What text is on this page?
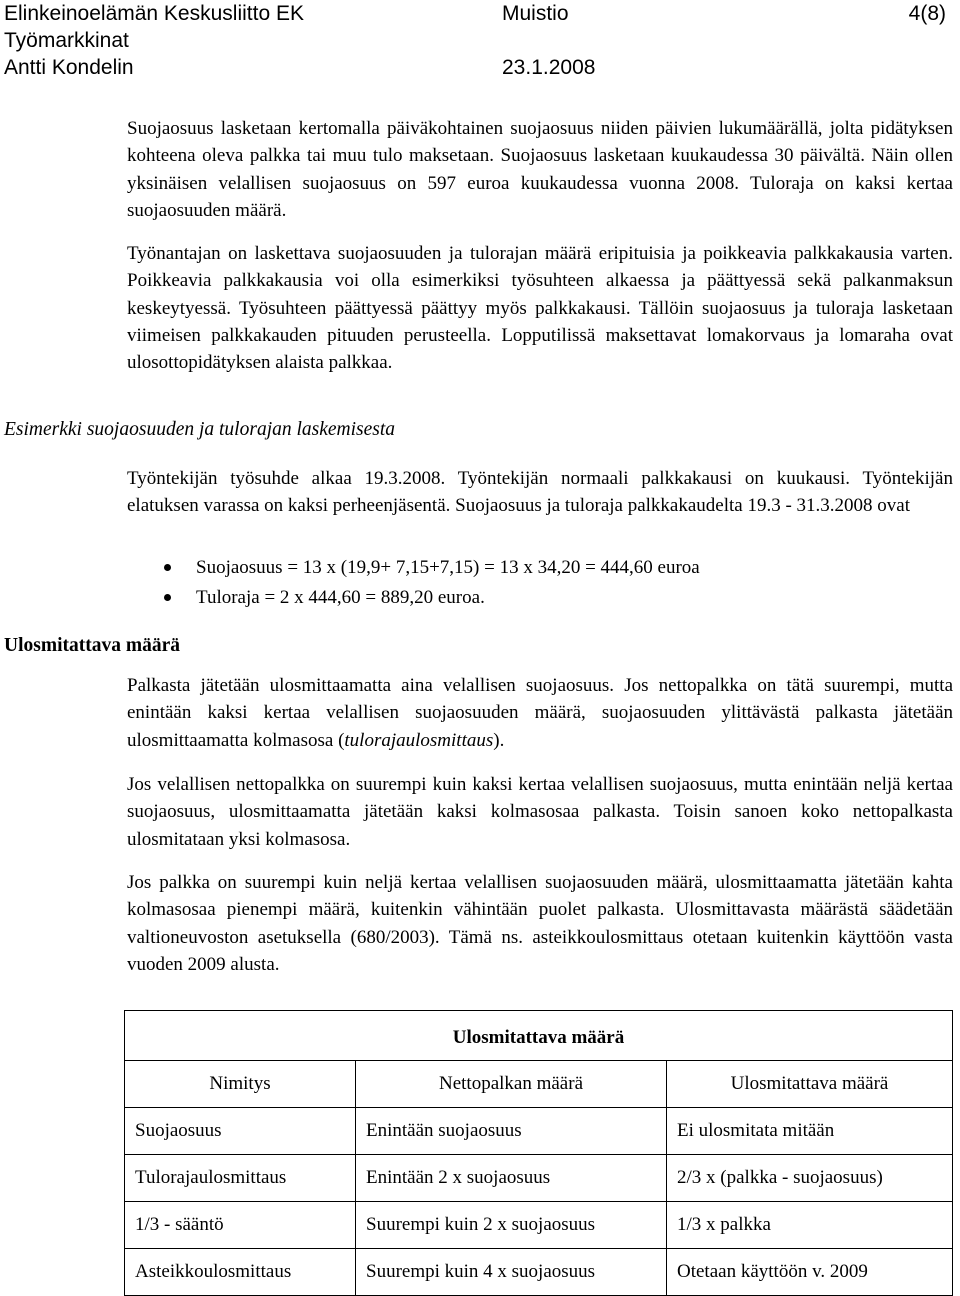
Elinkeinoelämän Keskusliitto EK	Muistio	4(8)
Työmarkkinat
Antti Kondelin	23.1.2008

Suojaosuus lasketaan kertomalla päiväkohtainen suojaosuus niiden päivien lukumäärällä, jolta pidätyksen kohteena oleva palkka tai muu tulo maksetaan. Suojaosuus lasketaan kuukaudessa 30 päivältä. Näin ollen yksinäisen velallisen suojaosuus on 597 euroa kuukaudessa vuonna 2008. Tuloraja on kaksi kertaa suojaosuuden määrä.

Työnantajan on laskettava suojaosuuden ja tulorajan määrä eripituisia ja poikkeavia palkkakausia varten. Poikkeavia palkkakausia voi olla esimerkiksi työsuhteen alkaessa ja päättyessä sekä palkanmaksun keskeytyessä. Työsuhteen päättyessä päättyy myös palkkakausi. Tällöin suojaosuus ja tuloraja lasketaan viimeisen palkkakauden pituuden perusteella. Lopputilissä maksettavat lomakorvaus ja lomaraha ovat ulosottopidätyksen alaista palkkaa.

Esimerkki suojaosuuden ja tulorajan laskemisesta

Työntekijän työsuhde alkaa 19.3.2008. Työntekijän normaali palkkakausi on kuukausi. Työntekijän elatuksen varassa on kaksi perheenjäsentä. Suojaosuus ja tuloraja palkkakaudelta 19.3 - 31.3.2008 ovat

Suojaosuus = 13 x (19,9+ 7,15+7,15) = 13 x 34,20 = 444,60 euroa
Tuloraja = 2 x 444,60 = 889,20 euroa.

Ulosmitattava määrä

Palkasta jätetään ulosmittaamatta aina velallisen suojaosuus. Jos nettopalkka on tätä suurempi, mutta enintään kaksi kertaa velallisen suojaosuuden määrä, suojaosuuden ylittävästä palkasta jätetään ulosmittaamatta kolmasosa (tulorajaulosmittaus).

Jos velallisen nettopalkka on suurempi kuin kaksi kertaa velallisen suojaosuus, mutta enintään neljä kertaa suojaosuus, ulosmittaamatta jätetään kaksi kolmasosaa palkasta. Toisin sanoen koko nettopalkasta ulosmitataan yksi kolmasosa.

Jos palkka on suurempi kuin neljä kertaa velallisen suojaosuuden määrä, ulosmittaamatta jätetään kahta kolmasosaa pienempi määrä, kuitenkin vähintään puolet palkasta. Ulosmittavasta määrästä säädetään valtioneuvoston asetuksella (680/2003). Tämä ns. asteikkoulosmittaus otetaan kuitenkin käyttöön vasta vuoden 2009 alusta.

Ulosmitattava määrä		
Nimitys	Nettopalkan määrä	Ulosmitattava määrä
Suojaosuus	Enintään suojaosuus	Ei ulosmitata mitään
Tulorajaulosmittaus	Enintään 2 x suojaosuus	2/3 x (palkka - suojaosuus)
1/3 - sääntö	Suurempi kuin 2 x suojaosuus	1/3 x palkka
Asteikkoulosmittaus	Suurempi kuin 4 x suojaosuus	Otetaan käyttöön v. 2009
